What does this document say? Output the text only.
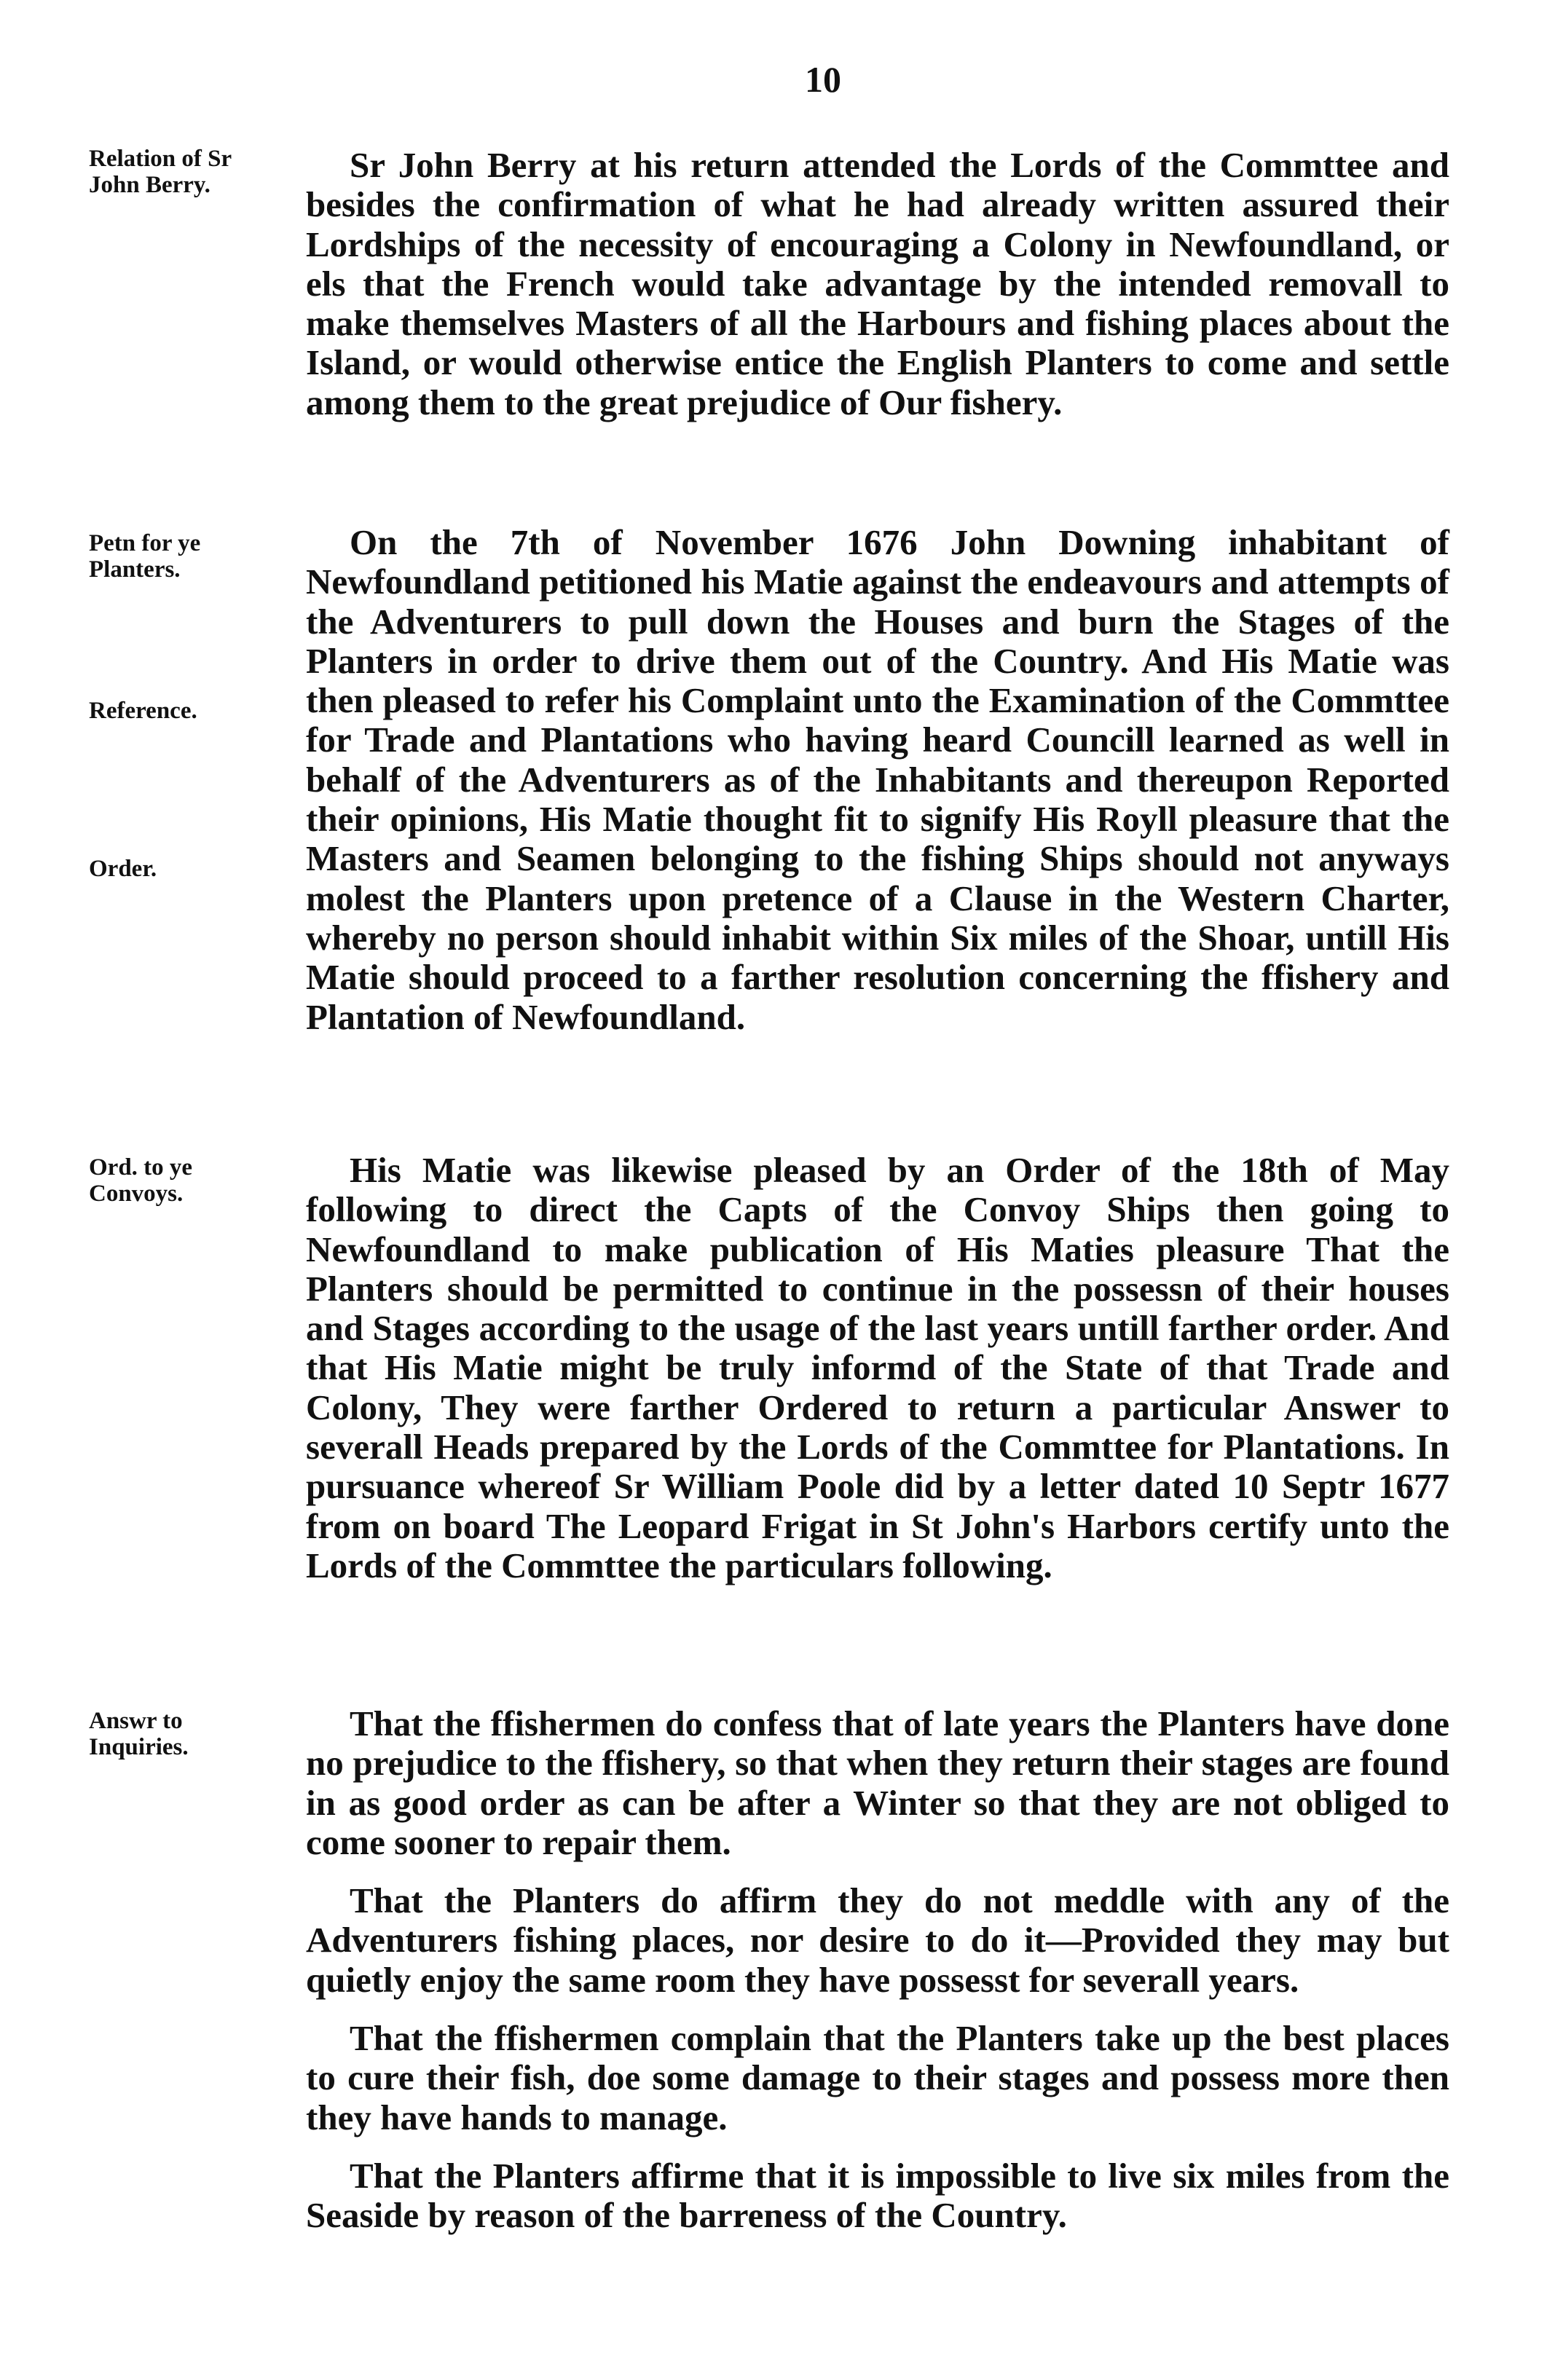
10
Relation of Sr John Berry.
Petn for ye Planters.
Reference.
Order.
Ord. to ye Convoys.
Answr to Inquiries.

Sr John Berry at his return attended the Lords of the Commttee and besides the confirmation of what he had already written assured their Lordships of the necessity of encouraging a Colony in Newfoundland, or els that the French would take advantage by the intended removall to make themselves Masters of all the Harbours and fishing places about the Island, or would otherwise entice the English Planters to come and settle among them to the great prejudice of Our fishery.

On the 7th of November 1676 John Downing inhabitant of Newfoundland petitioned his Matie against the endeavours and attempts of the Adventurers to pull down the Houses and burn the Stages of the Planters in order to drive them out of the Country. And His Matie was then pleased to refer his Complaint unto the Examination of the Commttee for Trade and Plantations who having heard Councill learned as well in behalf of the Adventurers as of the Inhabitants and thereupon Reported their opinions, His Matie thought fit to signify His Royll pleasure that the Masters and Seamen belonging to the fishing Ships should not anyways molest the Planters upon pretence of a Clause in the Western Charter, whereby no person should inhabit within Six miles of the Shoar, untill His Matie should proceed to a farther resolution concerning the ffishery and Plantation of Newfoundland.

His Matie was likewise pleased by an Order of the 18th of May following to direct the Capts of the Convoy Ships then going to Newfoundland to make publication of His Maties pleasure That the Planters should be permitted to continue in the possessn of their houses and Stages according to the usage of the last years untill farther order. And that His Matie might be truly informd of the State of that Trade and Colony, They were farther Ordered to return a particular Answer to severall Heads prepared by the Lords of the Commttee for Plantations. In pursuance whereof Sr William Poole did by a letter dated 10 Septr 1677 from on board The Leopard Frigat in St John's Harbors certify unto the Lords of the Commttee the particulars following.

That the ffishermen do confess that of late years the Planters have done no prejudice to the ffishery, so that when they return their stages are found in as good order as can be after a Winter so that they are not obliged to come sooner to repair them.

That the Planters do affirm they do not meddle with any of the Adventurers fishing places, nor desire to do it—Provided they may but quietly enjoy the same room they have possesst for severall years.

That the ffishermen complain that the Planters take up the best places to cure their fish, doe some damage to their stages and possess more then they have hands to manage.

That the Planters affirme that it is impossible to live six miles from the Seaside by reason of the barreness of the Country.
